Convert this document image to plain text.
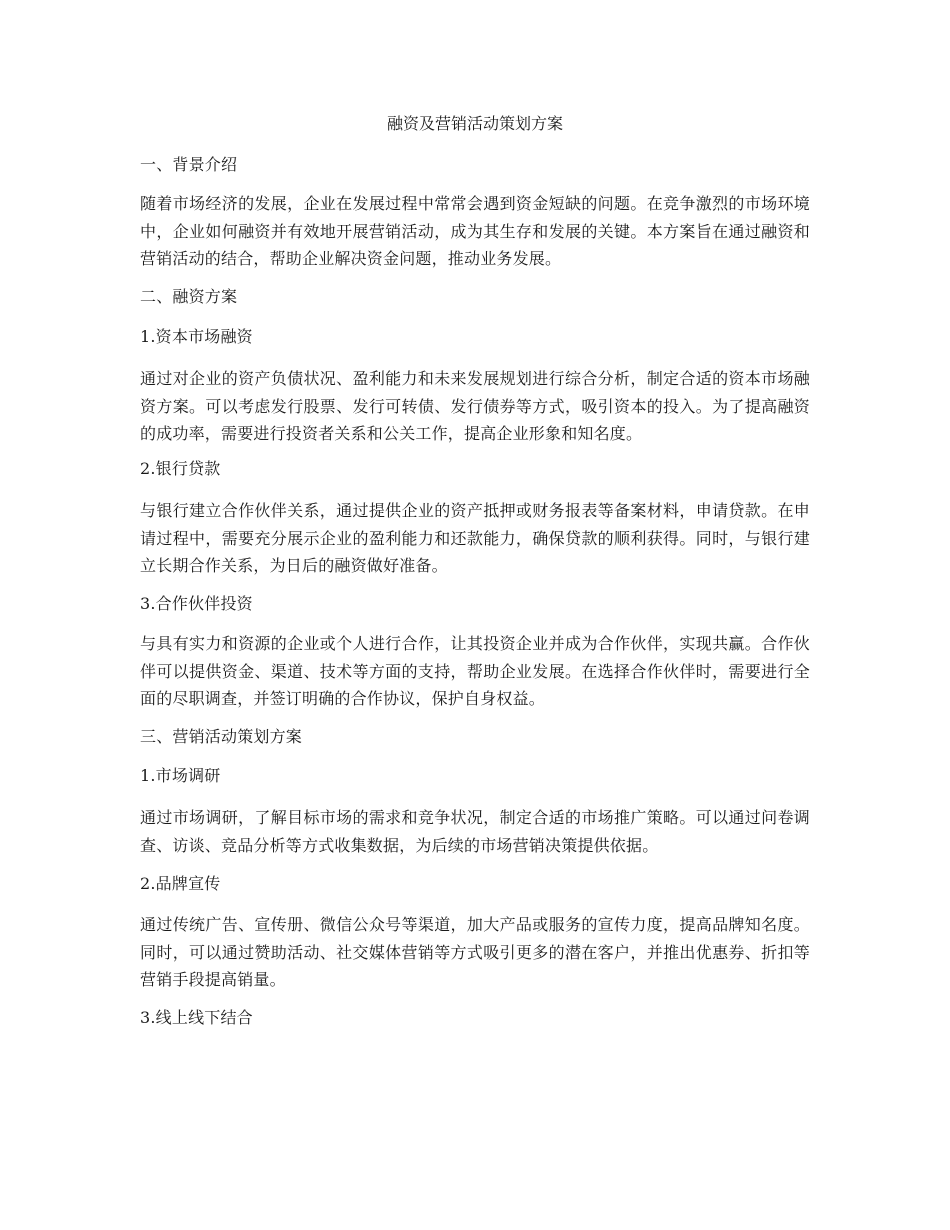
融资及营销活动策划方案

一、背景介绍

随着市场经济的发展，企业在发展过程中常常会遇到资金短缺的问题。在竞争激烈的市场环境中，企业如何融资并有效地开展营销活动，成为其生存和发展的关键。本方案旨在通过融资和营销活动的结合，帮助企业解决资金问题，推动业务发展。

二、融资方案

1.资本市场融资

通过对企业的资产负债状况、盈利能力和未来发展规划进行综合分析，制定合适的资本市场融资方案。可以考虑发行股票、发行可转债、发行债券等方式，吸引资本的投入。为了提高融资的成功率，需要进行投资者关系和公关工作，提高企业形象和知名度。

2.银行贷款

与银行建立合作伙伴关系，通过提供企业的资产抵押或财务报表等备案材料，申请贷款。在申请过程中，需要充分展示企业的盈利能力和还款能力，确保贷款的顺利获得。同时，与银行建立长期合作关系，为日后的融资做好准备。

3.合作伙伴投资

与具有实力和资源的企业或个人进行合作，让其投资企业并成为合作伙伴，实现共赢。合作伙伴可以提供资金、渠道、技术等方面的支持，帮助企业发展。在选择合作伙伴时，需要进行全面的尽职调查，并签订明确的合作协议，保护自身权益。

三、营销活动策划方案

1.市场调研

通过市场调研，了解目标市场的需求和竞争状况，制定合适的市场推广策略。可以通过问卷调查、访谈、竞品分析等方式收集数据，为后续的市场营销决策提供依据。

2.品牌宣传

通过传统广告、宣传册、微信公众号等渠道，加大产品或服务的宣传力度，提高品牌知名度。同时，可以通过赞助活动、社交媒体营销等方式吸引更多的潜在客户，并推出优惠券、折扣等营销手段提高销量。

3.线上线下结合
